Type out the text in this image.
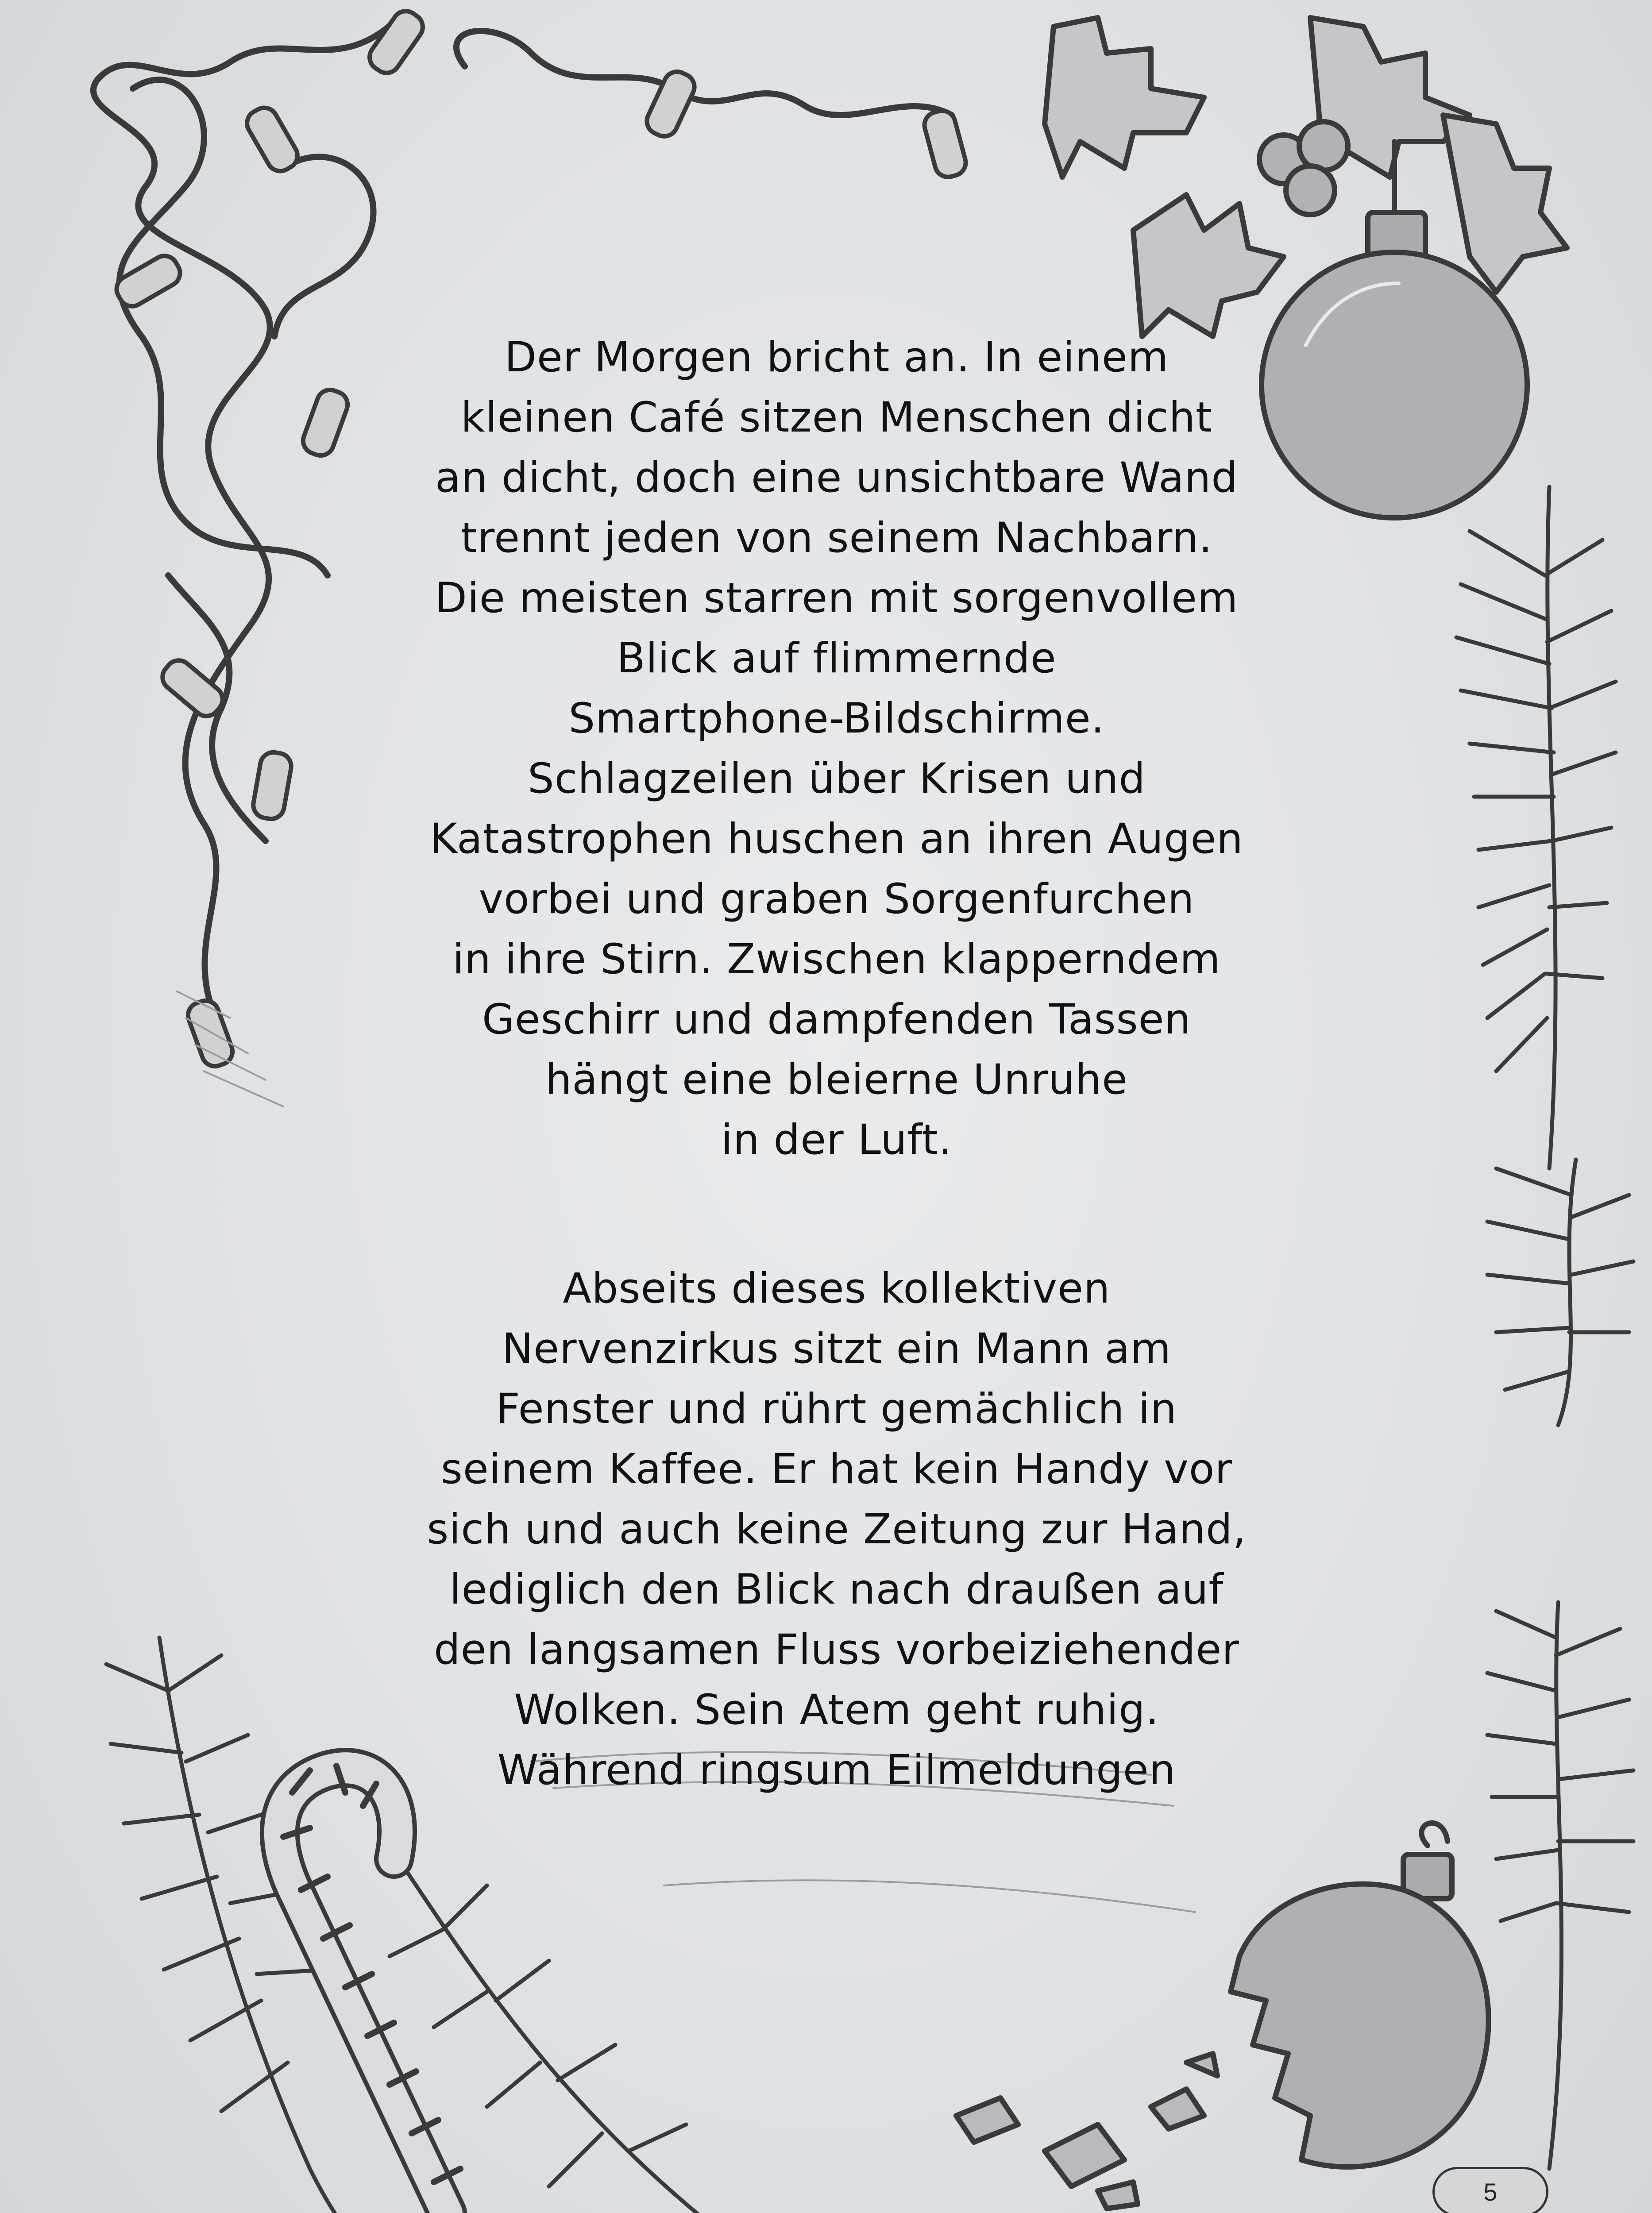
Der Morgen bricht an. In einem
kleinen Café sitzen Menschen dicht
an dicht, doch eine unsichtbare Wand
trennt jeden von seinem Nachbarn.
Die meisten starren mit sorgenvollem
Blick auf flimmernde
Smartphone-Bildschirme.
Schlagzeilen über Krisen und
Katastrophen huschen an ihren Augen
vorbei und graben Sorgenfurchen
in ihre Stirn. Zwischen klapperndem
Geschirr und dampfenden Tassen
hängt eine bleierne Unruhe
in der Luft.
Abseits dieses kollektiven
Nervenzirkus sitzt ein Mann am
Fenster und rührt gemächlich in
seinem Kaffee. Er hat kein Handy vor
sich und auch keine Zeitung zur Hand,
lediglich den Blick nach draußen auf
den langsamen Fluss vorbeiziehender
Wolken. Sein Atem geht ruhig.
Während ringsum Eilmeldungen
5
